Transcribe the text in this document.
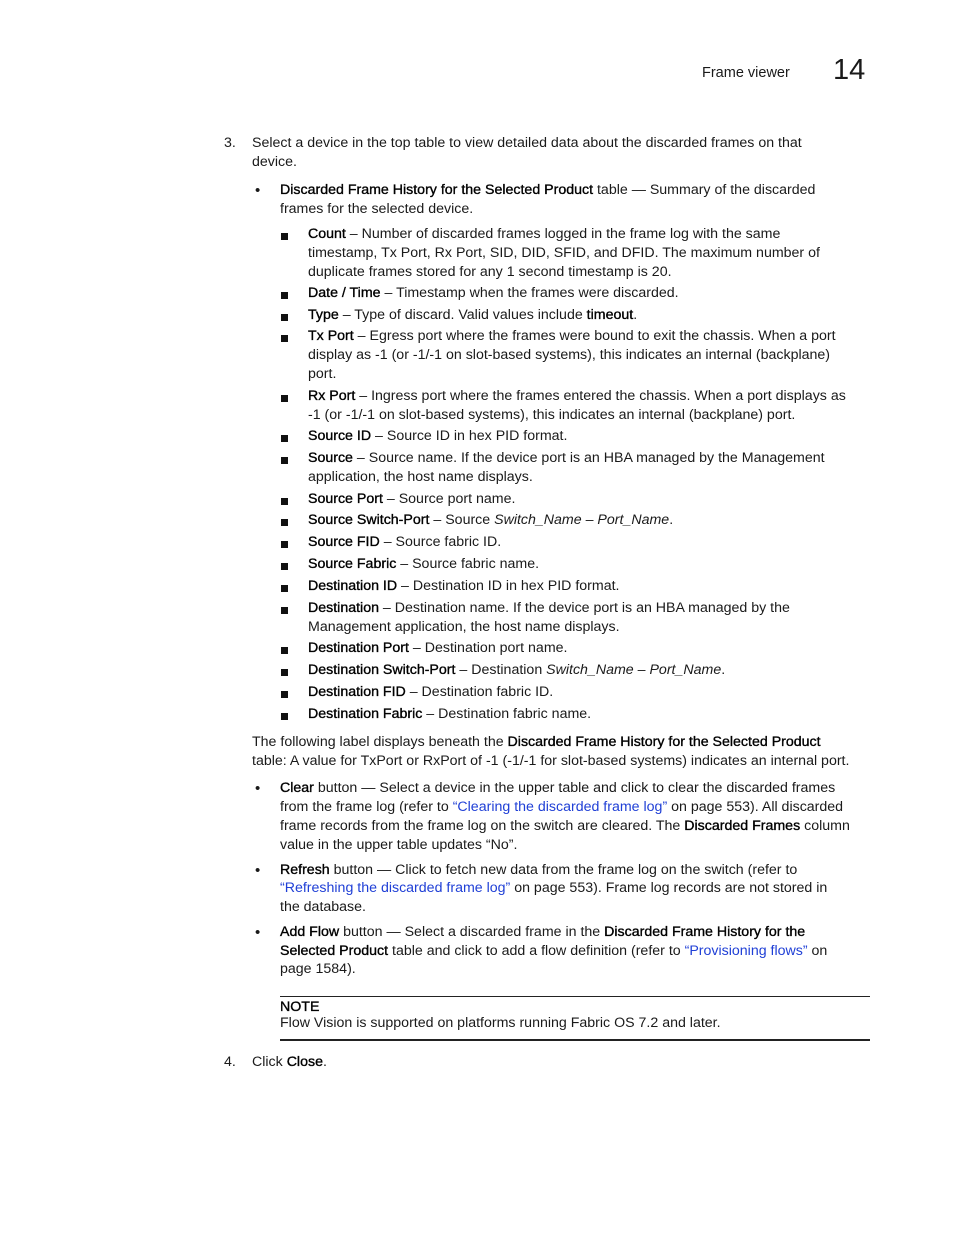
Frame viewer 14
3. Select a device in the top table to view detailed data about the discarded frames on that
device.
• Discarded Frame History for the Selected Product table — Summary of the discarded
frames for the selected device.
Count – Number of discarded frames logged in the frame log with the same
timestamp, Tx Port, Rx Port, SID, DID, SFID, and DFID. The maximum number of
duplicate frames stored for any 1 second timestamp is 20.
Date / Time – Timestamp when the frames were discarded.
Type – Type of discard. Valid values include timeout.
Tx Port – Egress port where the frames were bound to exit the chassis. When a port
display as -1 (or -1/-1 on slot-based systems), this indicates an internal (backplane)
port.
Rx Port – Ingress port where the frames entered the chassis. When a port displays as
-1 (or -1/-1 on slot-based systems), this indicates an internal (backplane) port.
Source ID – Source ID in hex PID format.
Source – Source name. If the device port is an HBA managed by the Management
application, the host name displays.
Source Port – Source port name.
Source Switch-Port – Source Switch_Name – Port_Name.
Source FID – Source fabric ID.
Source Fabric – Source fabric name.
Destination ID – Destination ID in hex PID format.
Destination – Destination name. If the device port is an HBA managed by the
Management application, the host name displays.
Destination Port – Destination port name.
Destination Switch-Port – Destination Switch_Name – Port_Name.
Destination FID – Destination fabric ID.
Destination Fabric – Destination fabric name.
The following label displays beneath the Discarded Frame History for the Selected Product
table: A value for TxPort or RxPort of -1 (-1/-1 for slot-based systems) indicates an internal port.
• Clear button — Select a device in the upper table and click to clear the discarded frames
from the frame log (refer to “Clearing the discarded frame log” on page 553). All discarded
frame records from the frame log on the switch are cleared. The Discarded Frames column
value in the upper table updates “No”.
• Refresh button — Click to fetch new data from the frame log on the switch (refer to
“Refreshing the discarded frame log” on page 553). Frame log records are not stored in
the database.
• Add Flow button — Select a discarded frame in the Discarded Frame History for the
Selected Product table and click to add a flow definition (refer to “Provisioning flows” on
page 1584).
NOTE
Flow Vision is supported on platforms running Fabric OS 7.2 and later.
4. Click Close.
